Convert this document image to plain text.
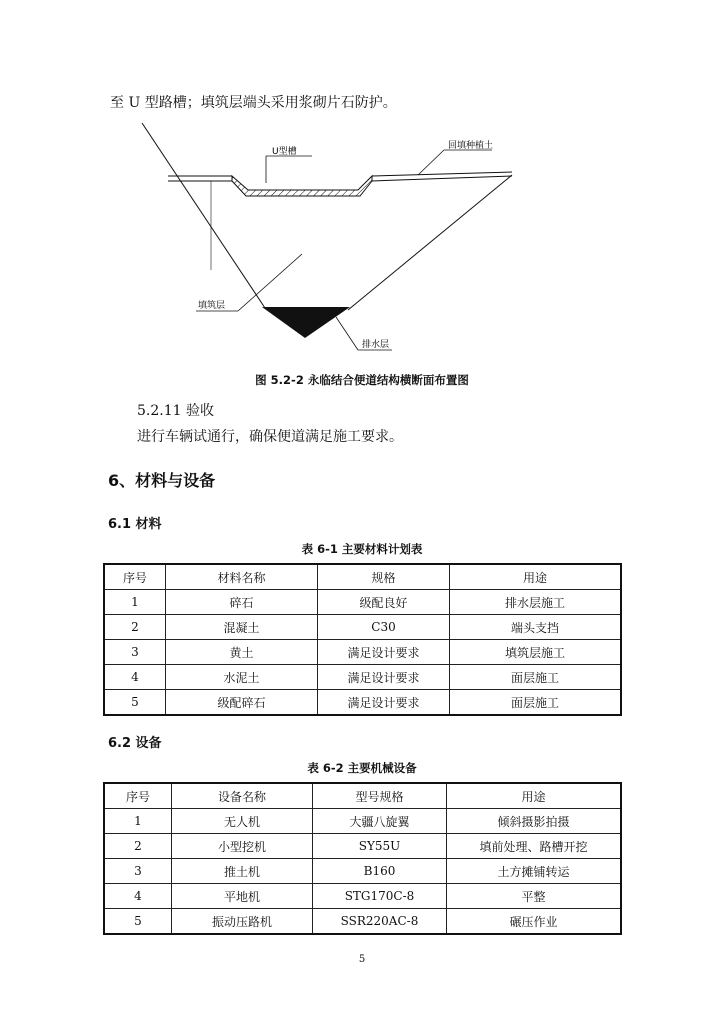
至 U 型路槽；填筑层端头采用浆砌片石防护。
U型槽
回填种植土
填筑层
排水层
图 5.2-2 永临结合便道结构横断面布置图
5.2.11 验收
进行车辆试通行，确保便道满足施工要求。
6、材料与设备
6.1 材料
表 6-1 主要材料计划表
序号	材料名称	规格	用途
1	碎石	级配良好	排水层施工
2	混凝土	C30	端头支挡
3	黄土	满足设计要求	填筑层施工
4	水泥土	满足设计要求	面层施工
5	级配碎石	满足设计要求	面层施工
6.2 设备
表 6-2 主要机械设备
序号	设备名称	型号规格	用途
1	无人机	大疆八旋翼	倾斜摄影拍摄
2	小型挖机	SY55U	填前处理、路槽开挖
3	推土机	B160	土方摊铺转运
4	平地机	STG170C-8	平整
5	振动压路机	SSR220AC-8	碾压作业
5
